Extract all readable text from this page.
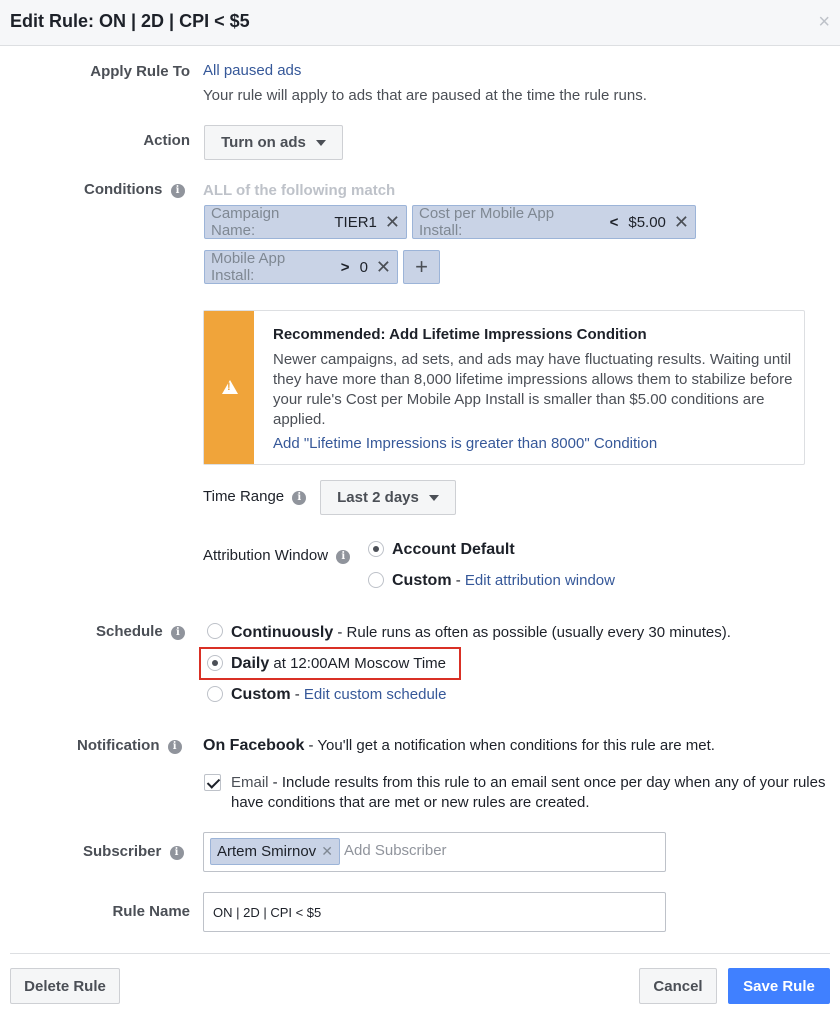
Edit Rule: ON | 2D | CPI < $5	×
Apply Rule To All paused ads
Your rule will apply to ads that are paused at the time the rule runs.
Action Turn on ads
Conditions i	ALL of the following match
Campaign Name:	TIER1 ✕ Cost per Mobile App Install:	< $5.00 ✕
Mobile App Install:	> 0 ✕	+
!
Recommended: Add Lifetime Impressions Condition
Newer campaigns, ad sets, and ads may have fluctuating results. Waiting until they have more than 8,000 lifetime impressions allows them to stabilize before your rule's Cost per Mobile App Install is smaller than $5.00 conditions are applied.
Add "Lifetime Impressions is greater than 8000" Condition
Time Range i	Last 2 days
Attribution Window i	Account Default
Custom - Edit attribution window
Schedule i	Continuously - Rule runs as often as possible (usually every 30 minutes).
Daily at 12:00AM Moscow Time
Custom - Edit custom schedule
Notification i	On Facebook - You'll get a notification when conditions for this rule are met.
Email - Include results from this rule to an email sent once per day when any of your rules have conditions that are met or new rules are created.
Subscriber i	Artem Smirnov ✕ Add Subscriber
Rule Name
ON | 2D | CPI < $5
Delete Rule	Cancel	Save Rule
